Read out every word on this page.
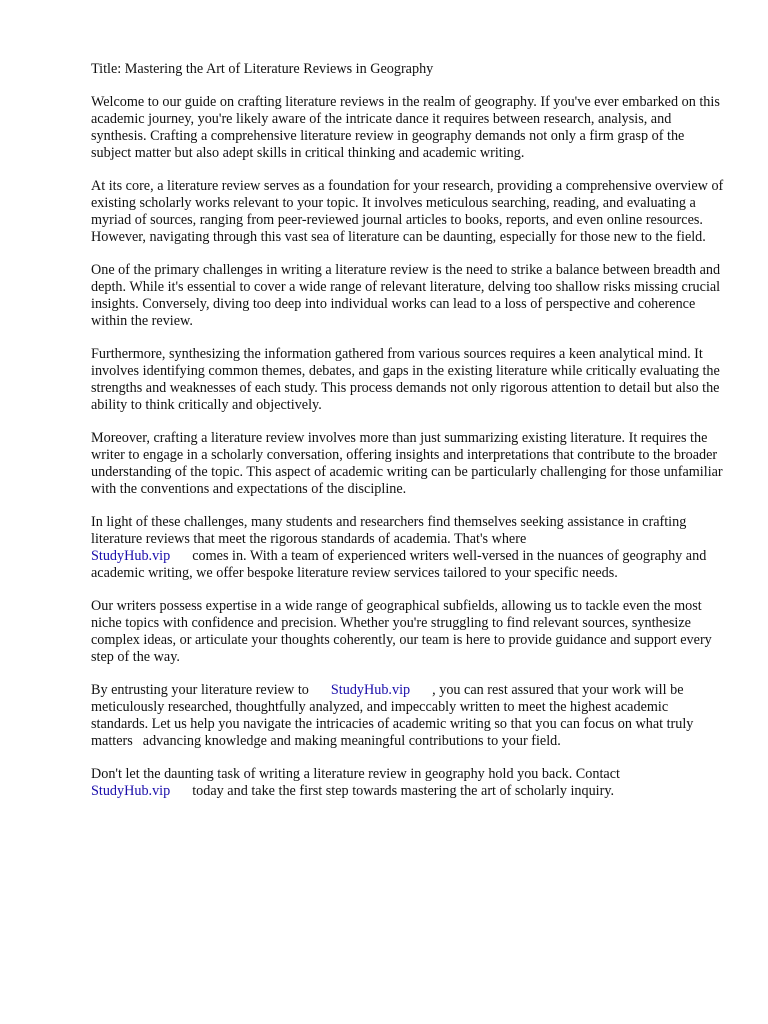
Title: Mastering the Art of Literature Reviews in Geography

Welcome to our guide on crafting literature reviews in the realm of geography. If you've ever embarked on this academic journey, you're likely aware of the intricate dance it requires between research, analysis, and synthesis. Crafting a comprehensive literature review in geography demands not only a firm grasp of the subject matter but also adept skills in critical thinking and academic writing.

At its core, a literature review serves as a foundation for your research, providing a comprehensive overview of existing scholarly works relevant to your topic. It involves meticulous searching, reading, and evaluating a myriad of sources, ranging from peer-reviewed journal articles to books, reports, and even online resources. However, navigating through this vast sea of literature can be daunting, especially for those new to the field.

One of the primary challenges in writing a literature review is the need to strike a balance between breadth and depth. While it's essential to cover a wide range of relevant literature, delving too shallow risks missing crucial insights. Conversely, diving too deep into individual works can lead to a loss of perspective and coherence within the review.

Furthermore, synthesizing the information gathered from various sources requires a keen analytical mind. It involves identifying common themes, debates, and gaps in the existing literature while critically evaluating the strengths and weaknesses of each study. This process demands not only rigorous attention to detail but also the ability to think critically and objectively.

Moreover, crafting a literature review involves more than just summarizing existing literature. It requires the writer to engage in a scholarly conversation, offering insights and interpretations that contribute to the broader understanding of the topic. This aspect of academic writing can be particularly challenging for those unfamiliar with the conventions and expectations of the discipline.

In light of these challenges, many students and researchers find themselves seeking assistance in crafting literature reviews that meet the rigorous standards of academia. That's where
StudyHub.vip comes in. With a team of experienced writers well-versed in the nuances of geography and academic writing, we offer bespoke literature review services tailored to your specific needs.

Our writers possess expertise in a wide range of geographical subfields, allowing us to tackle even the most niche topics with confidence and precision. Whether you're struggling to find relevant sources, synthesize complex ideas, or articulate your thoughts coherently, our team is here to provide guidance and support every step of the way.

By entrusting your literature review to StudyHub.vip , you can rest assured that your work will be meticulously researched, thoughtfully analyzed, and impeccably written to meet the highest academic standards. Let us help you navigate the intricacies of academic writing so that you can focus on what truly matters advancing knowledge and making meaningful contributions to your field.

Don't let the daunting task of writing a literature review in geography hold you back. Contact
StudyHub.vip today and take the first step towards mastering the art of scholarly inquiry.
